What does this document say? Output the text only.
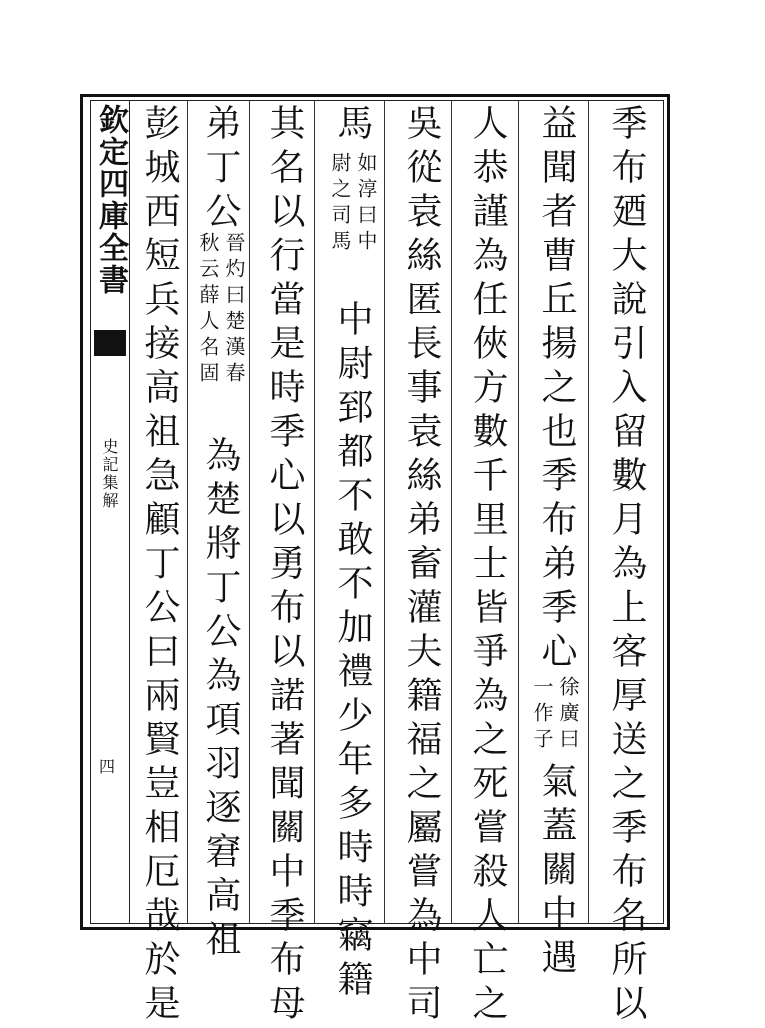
欽定四庫全書
史記集解
四	季布廼大說引入留數月為上客厚送之季布名所以
益聞者曹丘揚之也季布弟季心
徐廣曰
一作子
氣蓋關中遇
人恭謹為任俠方數千里士皆爭為之死嘗殺人亡之
吳從袁絲匿長事袁絲弟畜灌夫籍福之屬嘗為中司
馬
如淳曰中
尉之司馬
中尉郅都不敢不加禮少年多時時竊籍
其名以行當是時季心以勇布以諾著聞關中季布母
弟丁公
晉灼曰楚漢春
秋云薛人名固
為楚將丁公為項羽逐窘高祖
彭城西短兵接高祖急顧丁公曰兩賢豈相厄哉於是
